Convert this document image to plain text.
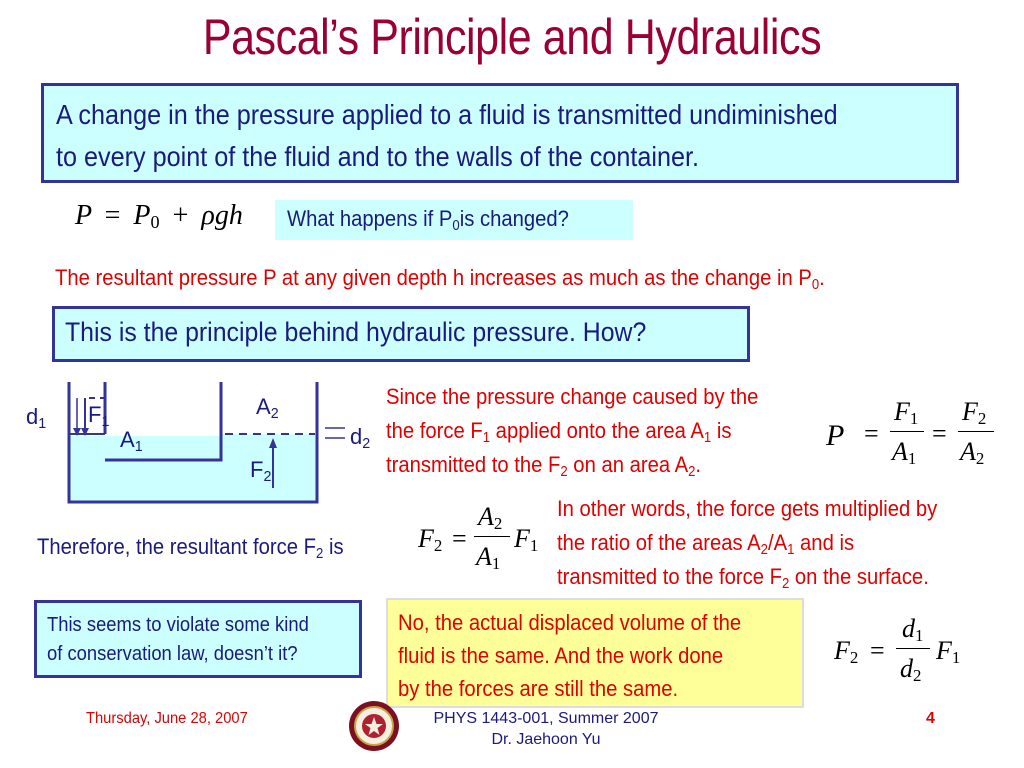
Pascal’s Principle and Hydraulics
A change in the pressure applied to a fluid is transmitted undiminished
to every point of the fluid and to the walls of the container.
$P = P_0 + \rho gh$	What happens if $P_0is$ changed?
The resultant pressure P at any given depth h increases as much as the change in $P_0$.
This is the principle behind hydraulic pressure. How?
$d_1$ $F_1$
$A_1$
$A_2$
$F_2$
$d_2$
Since the pressure change caused by the
the force $F_1$ applied onto the area $A_1$ is
transmitted to the $F_2$ on an area $A_2$.
P =
$F_1$
$A_1$
=
$F_2$
$A_2$
$F_2$ =
$A_2$
$A_1$
$F_1$
In other words, the force gets multiplied by
the ratio of the areas $A_2/A_1$ and is
transmitted to the force $F_2$ on the surface.
Therefore, the resultant force $F_2$ is
This seems to violate some kind
of conservation law, doesn’t it?
No, the actual displaced volume of the
fluid is the same. And the work done
by the forces are still the same.
$F_2$ =
$d_1$
$d_2$
$F_1$
Thursday, June 28, 2007	PHYS 1443-001, Summer 2007
Dr. Jaehoon Yu
4
